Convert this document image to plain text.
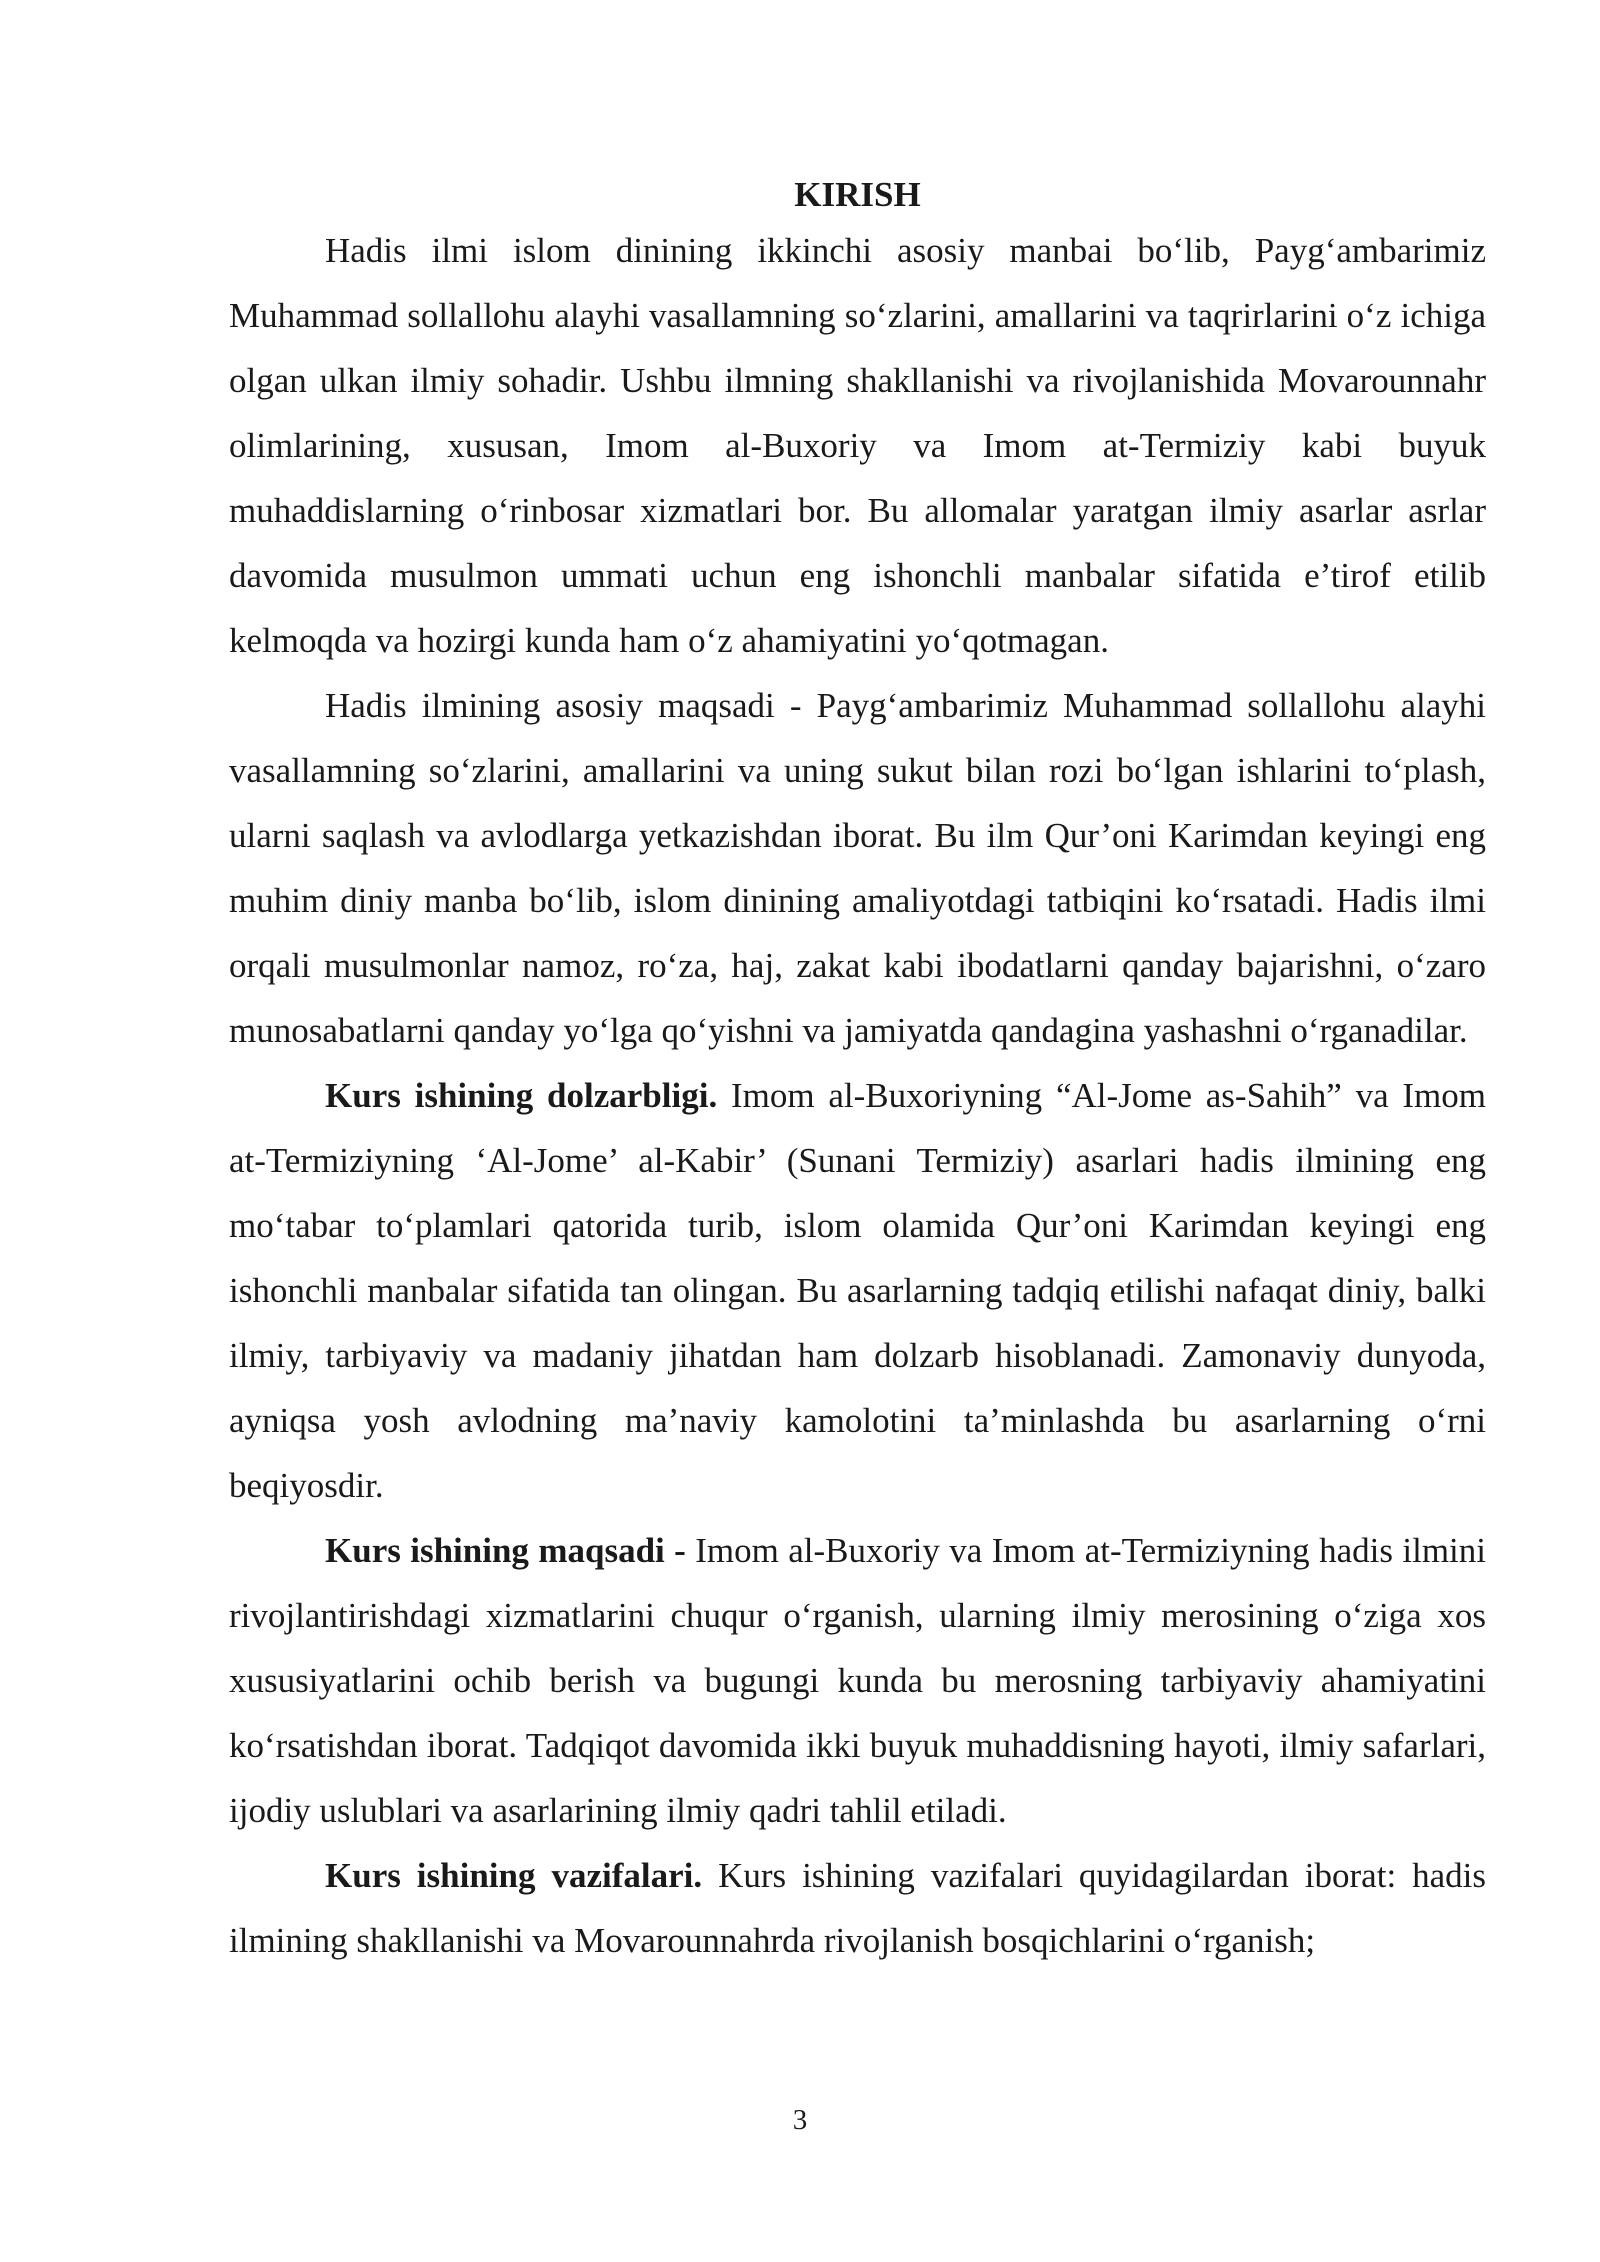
KIRISH

Hadis ilmi islom dinining ikkinchi asosiy manbai bo‘lib, Payg‘ambarimiz Muhammad sollallohu alayhi vasallamning so‘zlarini, amallarini va taqrirlarini o‘z ichiga olgan ulkan ilmiy sohadir. Ushbu ilmning shakllanishi va rivojlanishida Movarounnahr olimlarining, xususan, Imom al-Buxoriy va Imom at-Termiziy kabi buyuk muhaddislarning o‘rinbosar xizmatlari bor. Bu allomalar yaratgan ilmiy asarlar asrlar davomida musulmon ummati uchun eng ishonchli manbalar sifatida e’tirof etilib kelmoqda va hozirgi kunda ham o‘z ahamiyatini yo‘qotmagan.

Hadis ilmining asosiy maqsadi - Payg‘ambarimiz Muhammad sollallohu alayhi vasallamning so‘zlarini, amallarini va uning sukut bilan rozi bo‘lgan ishlarini to‘plash, ularni saqlash va avlodlarga yetkazishdan iborat. Bu ilm Qur’oni Karimdan keyingi eng muhim diniy manba bo‘lib, islom dinining amaliyotdagi tatbiqini ko‘rsatadi. Hadis ilmi orqali musulmonlar namoz, ro‘za, haj, zakat kabi ibodatlarni qanday bajarishni, o‘zaro munosabatlarni qanday yo‘lga qo‘yishni va jamiyatda qandagina yashashni o‘rganadilar.

Kurs ishining dolzarbligi. Imom al-Buxoriyning “Al-Jome as-Sahih” va Imom at-Termiziyning ‘Al-Jome’ al-Kabir’ (Sunani Termiziy) asarlari hadis ilmining eng mo‘tabar to‘plamlari qatorida turib, islom olamida Qur’oni Karimdan keyingi eng ishonchli manbalar sifatida tan olingan. Bu asarlarning tadqiq etilishi nafaqat diniy, balki ilmiy, tarbiyaviy va madaniy jihatdan ham dolzarb hisoblanadi. Zamonaviy dunyoda, ayniqsa yosh avlodning ma’naviy kamolotini ta’minlashda bu asarlarning o‘rni beqiyosdir.

Kurs ishining maqsadi - Imom al-Buxoriy va Imom at-Termiziyning hadis ilmini rivojlantirishdagi xizmatlarini chuqur o‘rganish, ularning ilmiy merosining o‘ziga xos xususiyatlarini ochib berish va bugungi kunda bu merosning tarbiyaviy ahamiyatini ko‘rsatishdan iborat. Tadqiqot davomida ikki buyuk muhaddisning hayoti, ilmiy safarlari, ijodiy uslublari va asarlarining ilmiy qadri tahlil etiladi.

Kurs ishining vazifalari. Kurs ishining vazifalari quyidagilardan iborat: hadis ilmining shakllanishi va Movarounnahrda rivojlanish bosqichlarini o‘rganish;

3
